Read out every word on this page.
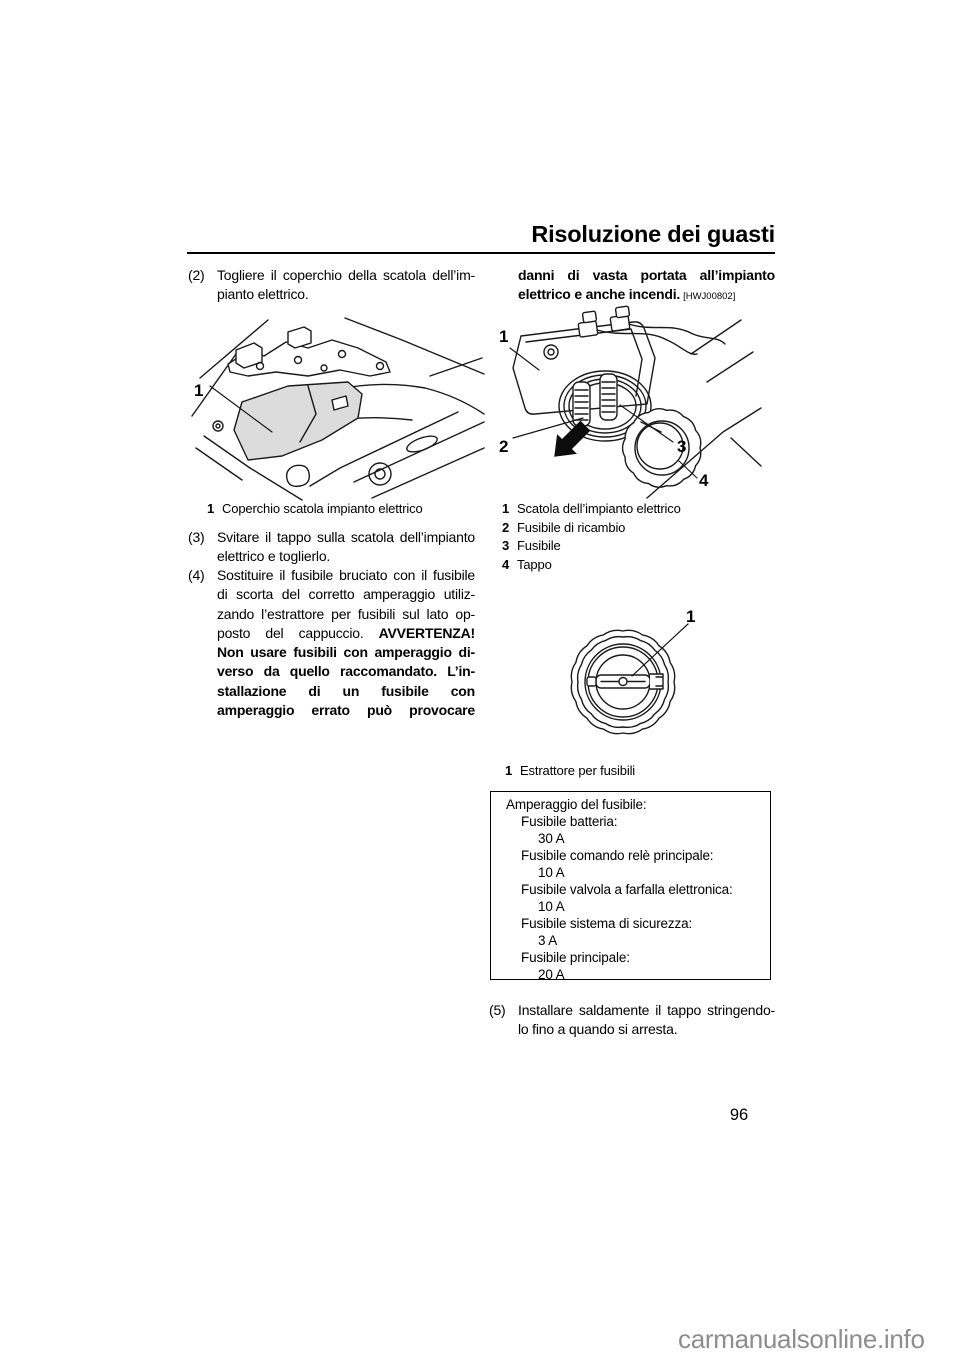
Risoluzione dei guasti
(2) Togliere il coperchio della scatola dell’im-
pianto elettrico.
1
1 Coperchio scatola impianto elettrico
(3) Svitare il tappo sulla scatola dell’impianto
elettrico e toglierlo.
(4) Sostituire il fusibile bruciato con il fusibile
di scorta del corretto amperaggio utiliz-
zando l’estrattore per fusibili sul lato op-
posto del cappuccio. AVVERTENZA!
Non usare fusibili con amperaggio di-
verso da quello raccomandato. L’in-
stallazione di un fusibile con
amperaggio errato può provocare
danni di vasta portata all’impianto
elettrico e anche incendi. [HWJ00802]
1
2	3
4
1 Scatola dell’impianto elettrico
2 Fusibile di ricambio
3 Fusibile
4 Tappo
1
1 Estrattore per fusibili
Amperaggio del fusibile:
Fusibile batteria:
30 A
Fusibile comando relè principale:
10 A
Fusibile valvola a farfalla elettronica:
10 A
Fusibile sistema di sicurezza:
3 A
Fusibile principale:
20 A
(5) Installare saldamente il tappo stringendo-
lo fino a quando si arresta.
96
carmanualsonline.info
